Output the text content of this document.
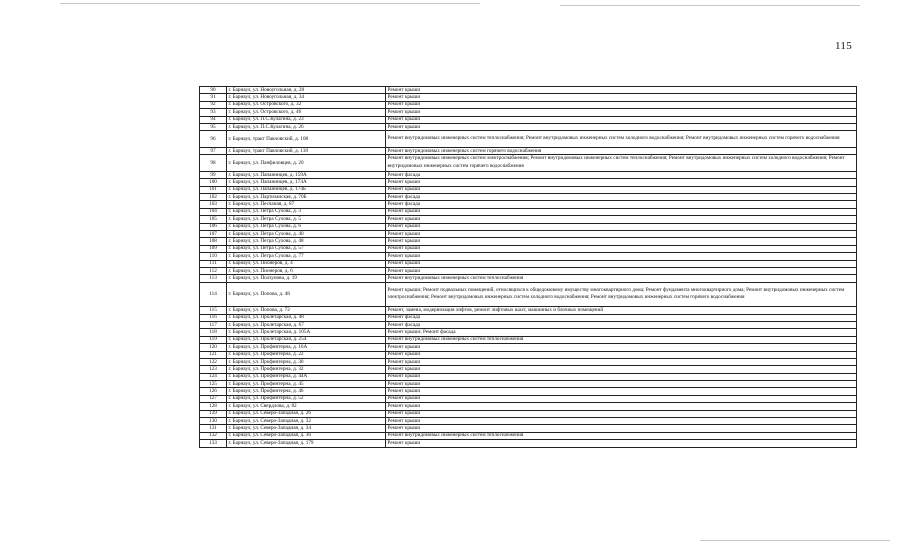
115
90	г. Барнаул, ул. Новоугольная, д. 28	Ремонт крыши
91	г. Барнаул, ул. Новоугольная, д. 34	Ремонт крыши
92	г. Барнаул, ул. Островского, д. 32	Ремонт крыши
93	г. Барнаул, ул. Островского, д. 46	Ремонт крыши
94	г. Барнаул, ул. П.С.Кулагина, д. 23	Ремонт крыши
95	г. Барнаул, ул. П.С.Кулагина, д. 26	Ремонт крыши
96	г. Барнаул, тракт Павловский, д. 108	Ремонт внутридомовых инженерных систем теплоснабжения; Ремонт внутридомовых инженерных систем холодного водоснабжения; Ремонт внутридомовых инженерных систем горячего водоснабжения
97	г. Барнаул, тракт Павловский, д. 118	Ремонт внутридомовых инженерных систем горячего водоснабжения
98	г. Барнаул, ул. Панфиловцев, д. 20	Ремонт внутридомовых инженерных систем электроснабжения; Ремонт внутридомовых инженерных систем теплоснабжения; Ремонт внутридомовых инженерных систем холодного водоснабжения; Ремонт внутридомовых инженерных систем горячего водоснабжения
99	г. Барнаул, ул. Папанинцев, д. 159А	Ремонт фасада
100	г. Барнаул, ул. Папанинцев, д. 174А	Ремонт крыши
101	г. Барнаул, ул. Папанинцев, д. 174Б	Ремонт крыши
102	г. Барнаул, ул. Партизанская, д. 70Б	Ремонт фасада
103	г. Барнаул, ул. Песчаная, д. 87	Ремонт фасада
104	г. Барнаул, ул. Петра Сухова, д. 3	Ремонт крыши
105	г. Барнаул, ул. Петра Сухова, д. 5	Ремонт крыши
106	г. Барнаул, ул. Петра Сухова, д. 6	Ремонт крыши
107	г. Барнаул, ул. Петра Сухова, д. 40	Ремонт крыши
108	г. Барнаул, ул. Петра Сухова, д. 48	Ремонт крыши
109	г. Барнаул, ул. Петра Сухова, д. 57	Ремонт крыши
110	г. Барнаул, ул. Петра Сухова, д. 77	Ремонт крыши
111	г. Барнаул, ул. Пионеров, д. 4	Ремонт крыши
112	г. Барнаул, ул. Пионеров, д. 6	Ремонт крыши
113	г. Барнаул, ул. Ползунова, д. 19	Ремонт внутридомовых инженерных систем теплоснабжения
114	г. Барнаул, ул. Попова, д. 48	Ремонт крыши; Ремонт подвальных помещений, относящихся к общедомовому имуществу многоквартирного дома; Ремонт фундамента многоквартирного дома; Ремонт внутридомовых инженерных систем электроснабжения; Ремонт внутридомовых инженерных систем холодного водоснабжения; Ремонт внутридомовых инженерных систем горячего водоснабжения
115	г. Барнаул, ул. Попова, д. 72	Ремонт, замена, модернизация лифтов, ремонт лифтовых шахт, машинных и блочных помещений
116	г. Барнаул, ул. Пролетарская, д. 48	Ремонт фасада
117	г. Барнаул, ул. Пролетарская, д. 67	Ремонт фасада
118	г. Барнаул, ул. Пролетарская, д. 105А	Ремонт крыши; Ремонт фасада
119	г. Барнаул, ул. Пролетарская, д. 254	Ремонт внутридомовых инженерных систем теплоснабжения
120	г. Барнаул, ул. Профинтерна, д. 16А	Ремонт крыши
121	г. Барнаул, ул. Профинтерна, д. 22	Ремонт крыши
122	г. Барнаул, ул. Профинтерна, д. 30	Ремонт крыши
123	г. Барнаул, ул. Профинтерна, д. 32	Ремонт крыши
124	г. Барнаул, ул. Профинтерна, д. 44А	Ремонт крыши
125	г. Барнаул, ул. Профинтерна, д. 45	Ремонт крыши
126	г. Барнаул, ул. Профинтерна, д. 46	Ремонт крыши
127	г. Барнаул, ул. Профинтерна, д. 52	Ремонт крыши
128	г. Барнаул, ул. Свердлова, д. 82	Ремонт крыши
129	г. Барнаул, ул. Северо-Западная, д. 26	Ремонт крыши
130	г. Барнаул, ул. Северо-Западная, д. 32	Ремонт крыши
131	г. Барнаул, ул. Северо-Западная, д. 34	Ремонт крыши
132	г. Барнаул, ул. Северо-Западная, д. 36	Ремонт внутридомовых инженерных систем теплоснабжения
133	г. Барнаул, ул. Северо-Западная, д. 179	Ремонт крыши
